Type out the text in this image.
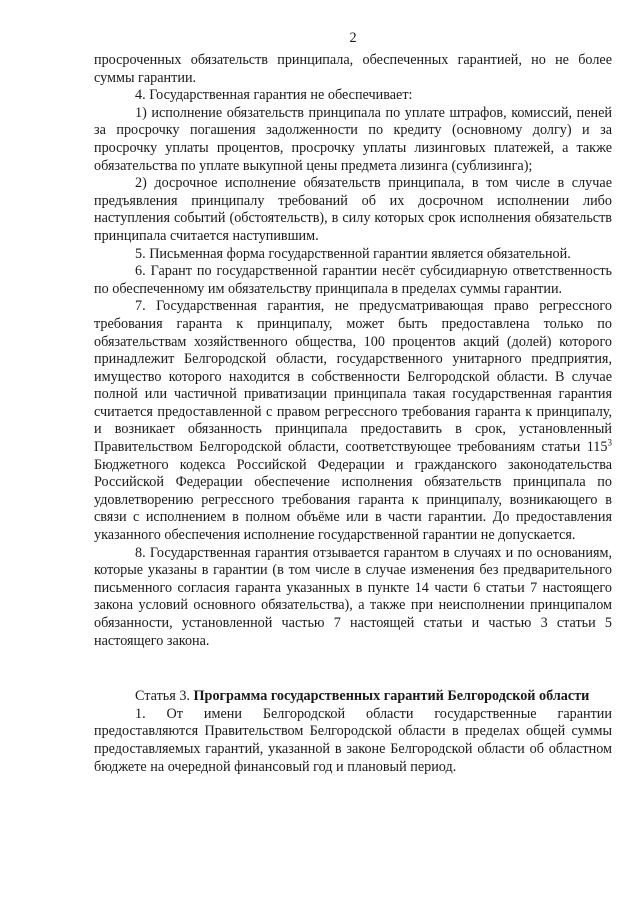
2

просроченных обязательств принципала, обеспеченных гарантией, но не более суммы гарантии.

4. Государственная гарантия не обеспечивает:

1) исполнение обязательств принципала по уплате штрафов, комиссий, пеней за просрочку погашения задолженности по кредиту (основному долгу) и за просрочку уплаты процентов, просрочку уплаты лизинговых платежей, а также обязательства по уплате выкупной цены предмета лизинга (сублизинга);

2) досрочное исполнение обязательств принципала, в том числе в случае предъявления принципалу требований об их досрочном исполнении либо наступления событий (обстоятельств), в силу которых срок исполнения обязательств принципала считается наступившим.

5. Письменная форма государственной гарантии является обязательной.

6. Гарант по государственной гарантии несёт субсидиарную ответственность по обеспеченному им обязательству принципала в пределах суммы гарантии.

7. Государственная гарантия, не предусматривающая право регрессного требования гаранта к принципалу, может быть предоставлена только по обязательствам хозяйственного общества, 100 процентов акций (долей) которого принадлежит Белгородской области, государственного унитарного предприятия, имущество которого находится в собственности Белгородской области. В случае полной или частичной приватизации принципала такая государственная гарантия считается предоставленной с правом регрессного требования гаранта к принципалу, и возникает обязанность принципала предоставить в срок, установленный Правительством Белгородской области, соответствующее требованиям статьи $115^3$ Бюджетного кодекса Российской Федерации и гражданского законодательства Российской Федерации обеспечение исполнения обязательств принципала по удовлетворению регрессного требования гаранта к принципалу, возникающего в связи с исполнением в полном объёме или в части гарантии. До предоставления указанного обеспечения исполнение государственной гарантии не допускается.

8. Государственная гарантия отзывается гарантом в случаях и по основаниям, которые указаны в гарантии (в том числе в случае изменения без предварительного письменного согласия гаранта указанных в пункте 14 части 6 статьи 7 настоящего закона условий основного обязательства), а также при неисполнении принципалом обязанности, установленной частью 7 настоящей статьи и частью 3 статьи 5 настоящего закона.

Статья 3. Программа государственных гарантий Белгородской области

1. От имени Белгородской области государственные гарантии предоставляются Правительством Белгородской области в пределах общей суммы предоставляемых гарантий, указанной в законе Белгородской области об областном бюджете на очередной финансовый год и плановый период.
